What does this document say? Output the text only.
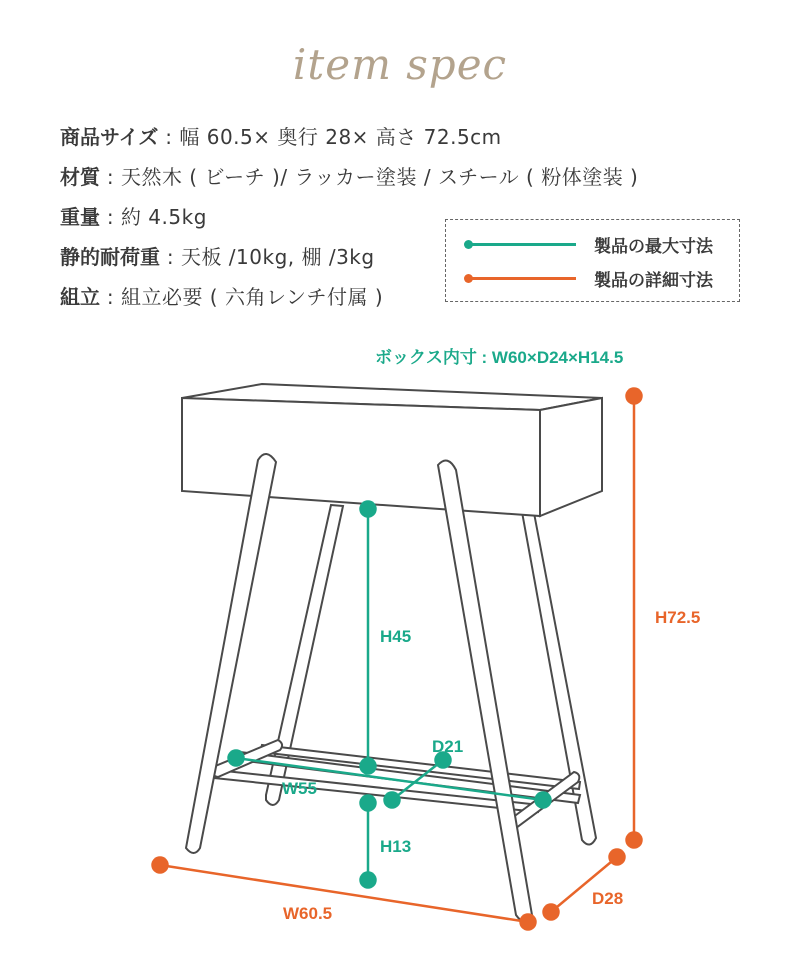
item spec
商品サイズ : 幅 60.5× 奥行 28× 高さ 72.5cm
材質 : 天然木 ( ビーチ )/ ラッカー塗装 / スチール ( 粉体塗装 )
重量 : 約 4.5kg
静的耐荷重 : 天板 /10kg, 棚 /3kg
組立 : 組立必要 ( 六角レンチ付属 )
製品の最大寸法
製品の詳細寸法
ボックス内寸 : W60×D24×H14.5
H72.5
W60.5
D28
H45
D21
W55
H13
